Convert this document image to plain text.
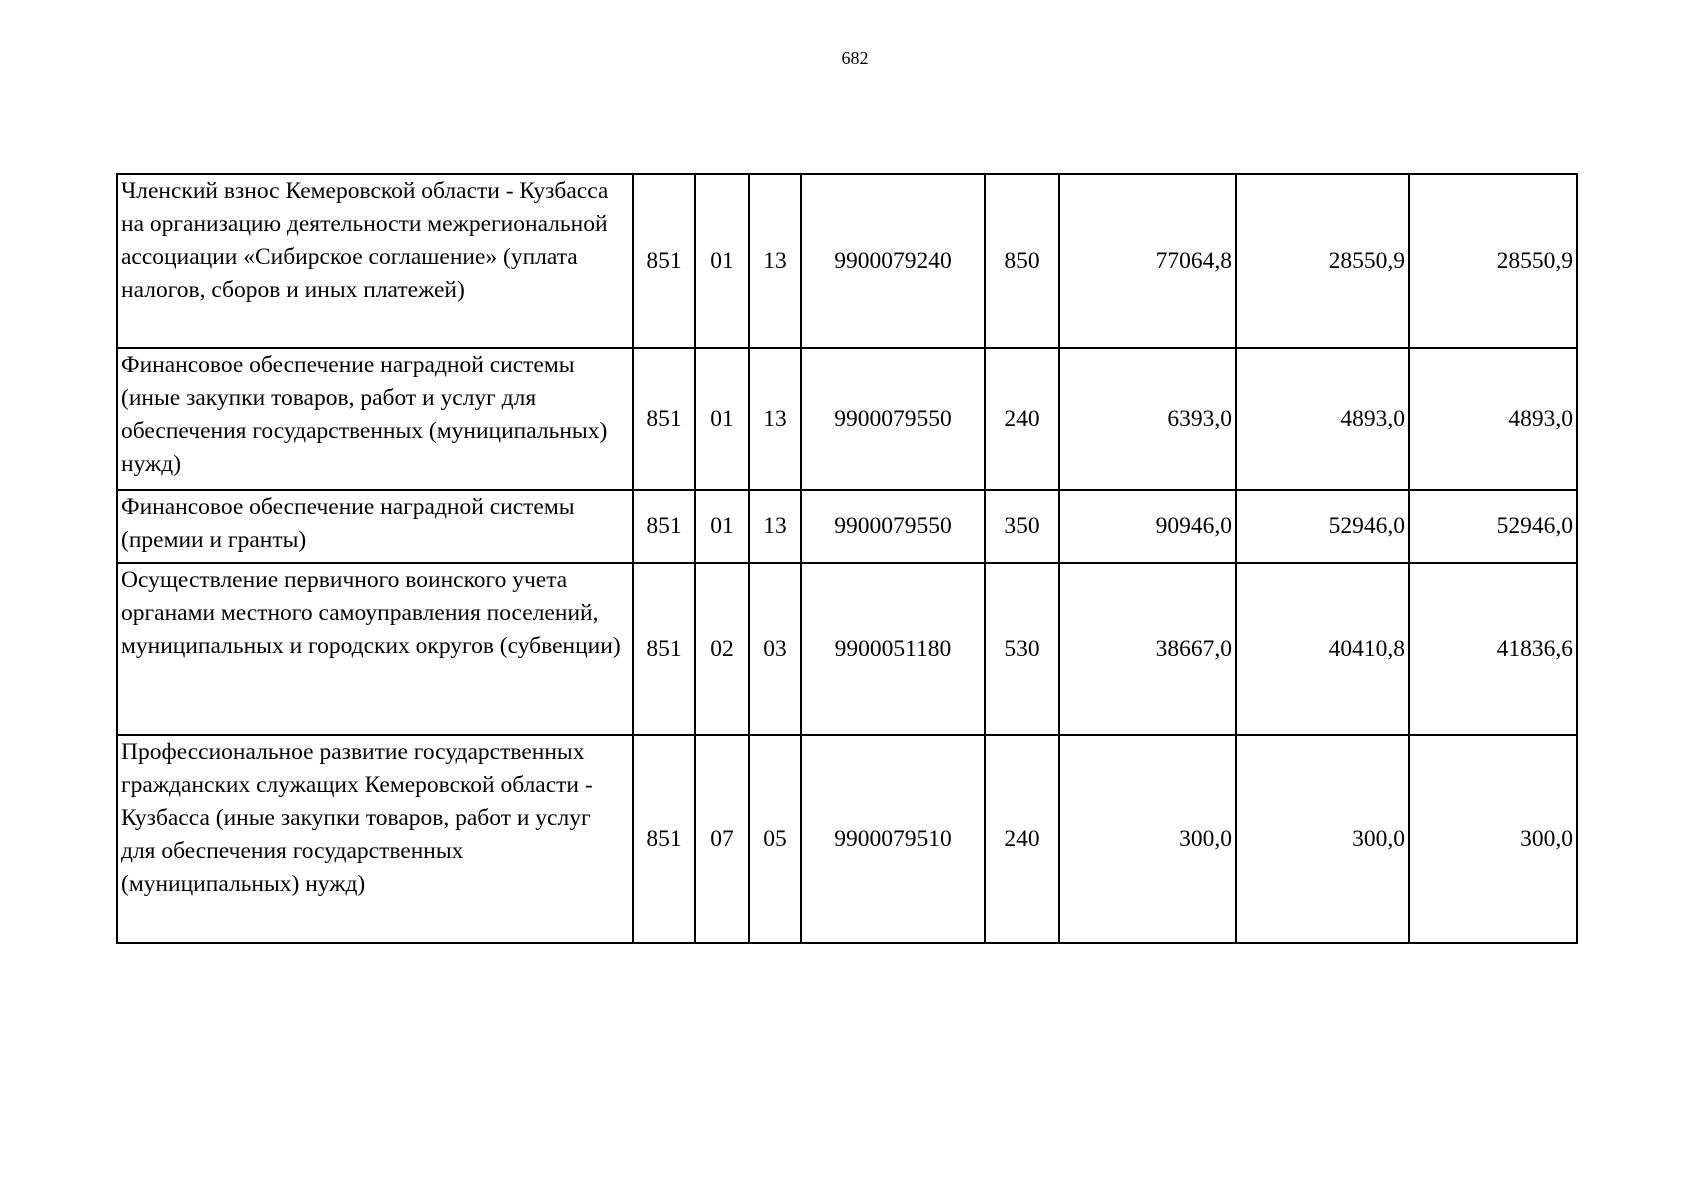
682
Членский взнос Кемеровской области - Кузбасса на организацию деятельности межрегиональной ассоциации «Сибирское соглашение» (уплата налогов, сборов и иных платежей)	851	01	13	9900079240	850	77064,8	28550,9	28550,9
Финансовое обеспечение наградной системы (иные закупки товаров, работ и услуг для обеспечения государственных (муниципальных) нужд)	851	01	13	9900079550	240	6393,0	4893,0	4893,0
Финансовое обеспечение наградной системы (премии и гранты)	851	01	13	9900079550	350	90946,0	52946,0	52946,0
Осуществление первичного воинского учета органами местного самоуправления поселений, муниципальных и городских округов (субвенции)	851	02	03	9900051180	530	38667,0	40410,8	41836,6
Профессиональное развитие государственных гражданских служащих Кемеровской области - Кузбасса (иные закупки товаров, работ и услуг для обеспечения государственных (муниципальных) нужд)	851	07	05	9900079510	240	300,0	300,0	300,0
